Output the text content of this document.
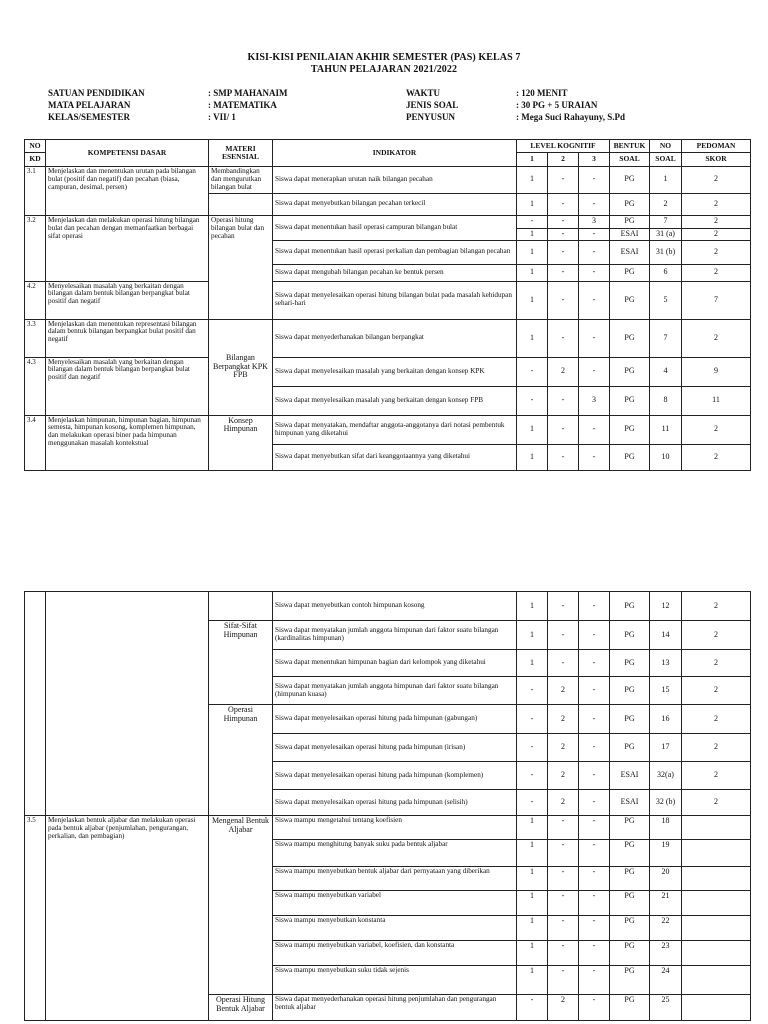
KISI-KISI PENILAIAN AKHIR SEMESTER (PAS) KELAS 7
TAHUN PELAJARAN 2021/2022
SATUAN PENDIDIKAN	: SMP MAHANAIM	WAKTU	: 120 MENIT
MATA PELAJARAN	: MATEMATIKA	JENIS SOAL	: 30 PG + 5 URAIAN
KELAS/SEMESTER	: VII/ 1	PENYUSUN	: Mega Suci Rahayuny, S.Pd
NO	KOMPETENSI DASAR	MATERI ESENSIAL	INDIKATOR	LEVEL KOGNITIF			BENTUK	NO	PEDOMAN
KD				1	2	3	SOAL	SOAL	SKOR
3.1	Menjelaskan dan menentukan urutan pada bilangan bulat (positif dan negatif) dan pecahan (biasa, campuran, desimal, persen)	Membandingkan dan mengurutkan bilangan bulat	Siswa dapat menerapkan urutan naik bilangan pecahan	1	-	-	PG	1	2
			Siswa dapat menyebutkan bilangan pecahan terkecil	1	-	-	PG	2	2
3.2	Menjelaskan dan melakukan operasi hitung bilangan bulat dan pecahan dengan memanfaatkan berbagai sifat operasi	Operasi hitung bilangan bulat dan pecahan	Siswa dapat menentukan hasil operasi campuran bilangan bulat	-	-	3	PG	7	2
				1	-	-	ESAI	31 (a)	2
			Siswa dapat menentukan hasil operasi perkalian dan pembagian bilangan pecahan	1	-	-	ESAI	31 (b)	2
			Siswa dapat mengubah bilangan pecahan ke bentuk persen	1	-	-	PG	6	2
4.2	Menyelesaikan masalah yang berkaitan dengan bilangan dalam bentuk bilangan berpangkat bulat positif dan negatif		Siswa dapat menyelesaikan operasi hitung bilangan bulat pada masalah kehidupan sehari-hari	1	-	-	PG	5	7
3.3	Menjelaskan dan menentukan representasi bilangan dalam bentuk bilangan berpangkat bulat positif dan negatif	Bilangan Berpangkat KPK FPB	Siswa dapat menyederhanakan bilangan berpangkat	1	-	-	PG	7	2
4.3	Menyelesaikan masalah yang berkaitan dengan bilangan dalam bentuk bilangan berpangkat bulat positif dan negatif		Siswa dapat menyelesaikan masalah yang berkaitan dengan konsep KPK	-	2	-	PG	4	9
			Siswa dapat menyelesaikan masalah yang berkaitan dengan konsep FPB	-	-	3	PG	8	11
3.4	Menjelaskan himpunan, himpunan bagian, himpunan semesta, himpunan kosong, komplemen himpunan, dan melakukan operasi biner pada himpunan menggunakan masalah kontekstual	Konsep Himpunan	Siswa dapat menyatakan, mendaftar anggota-anggotanya dari notasi pembentuk himpunan yang diketahui	1	-	-	PG	11	2
			Siswa dapat menyebutkan sifat dari keanggotaannya yang diketahui	1	-	-	PG	10	2
			Siswa dapat menyebutkan contoh himpunan kosong	1	-	-	PG	12	2
		Sifat-Sifat Himpunan	Siswa dapat menyatakan jumlah anggota himpunan dari faktor suatu bilangan (kardinalitas himpunan)	1	-	-	PG	14	2
			Siswa dapat menentukan himpunan bagian dari kelompok yang diketahui	1	-	-	PG	13	2
			Siswa dapat menyatakan jumlah anggota himpunan dari faktor suatu bilangan (himpunan kuasa)	-	2	-	PG	15	2
		Operasi Himpunan	Siswa dapat menyelesaikan operasi hitung pada himpunan (gabungan)	-	2	-	PG	16	2
			Siswa dapat menyelesaikan operasi hitung pada himpunan (irisan)	-	2	-	PG	17	2
			Siswa dapat menyelesaikan operasi hitung pada himpunan (komplemen)	-	2	-	ESAI	32(a)	2
			Siswa dapat menyelesaikan operasi hitung pada himpunan (selisih)	-	2	-	ESAI	32 (b)	2
3.5	Menjelaskan bentuk aljabar dan melakukan operasi pada bentuk aljabar (penjumlahan, pengurangan, perkalian, dan pembagian)	Mengenal Bentuk Aljabar	Siswa mampu mengetahui tentang koefisien	1	-	-	PG	18	
			Siswa mampu menghitung banyak suku pada bentuk aljabar	1	-	-	PG	19	
			Siswa mampu menyebutkan bentuk aljabar dari pernyataan yang diberikan	1	-	-	PG	20	
			Siswa mampu menyebutkan variabel	1	-	-	PG	21	
			Siswa mampu menyebutkan konstanta	1	-	-	PG	22	
			Siswa mampu menyebutkan variabel, koefisien, dan konstanta	1	-	-	PG	23	
			Siswa mampu menyebutkan suku tidak sejenis	1	-	-	PG	24	
		Operasi Hitung Bentuk Aljabar	Siswa dapat menyederhanakan operasi hitung penjumlahan dan pengurangan bentuk aljabar	-	2	-	PG	25	
